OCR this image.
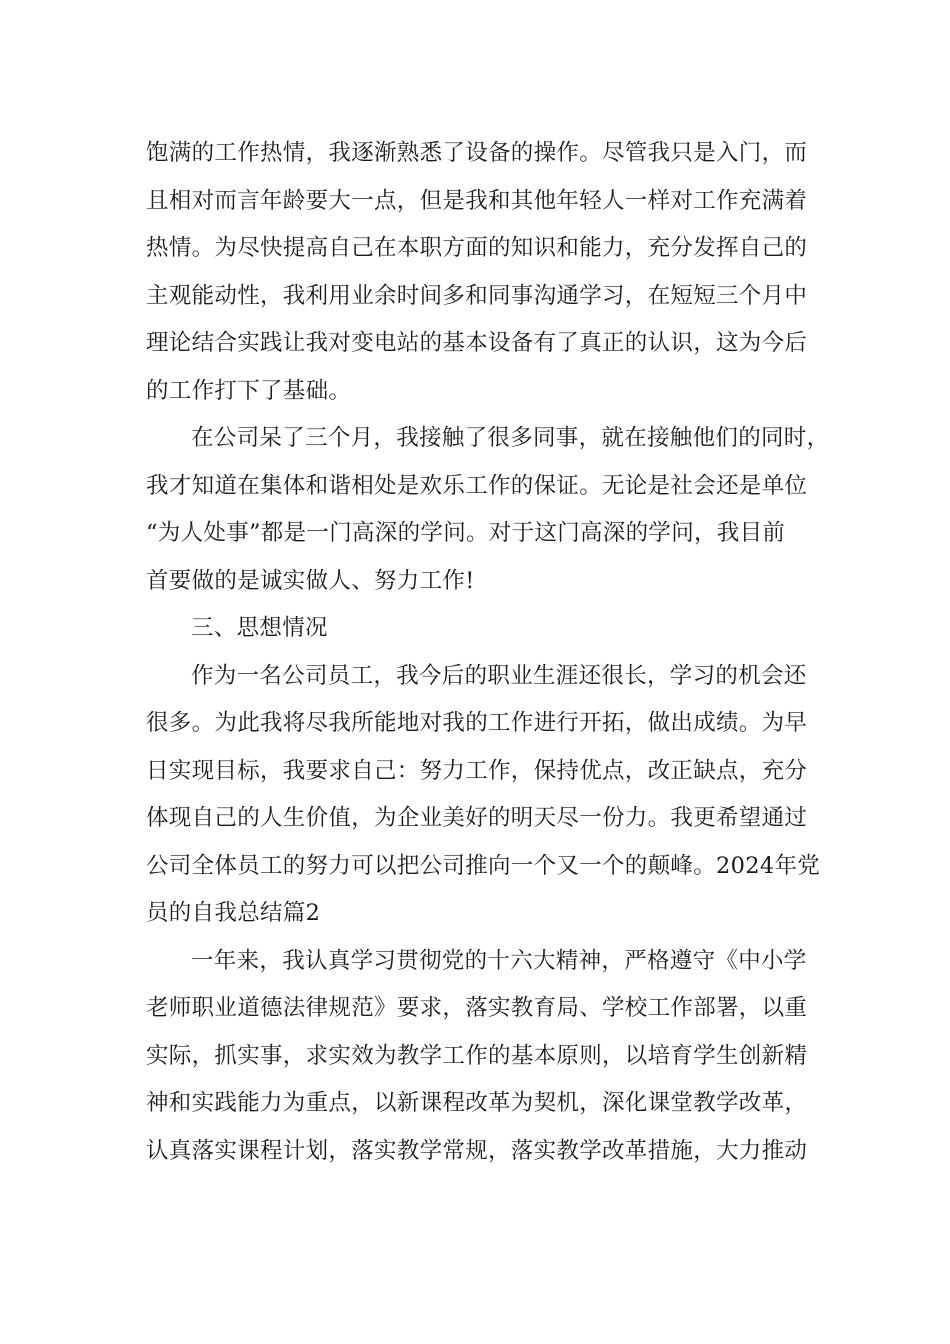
饱满的工作热情，我逐渐熟悉了设备的操作。尽管我只是入门，而
且相对而言年龄要大一点，但是我和其他年轻人一样对工作充满着
热情。为尽快提高自己在本职方面的知识和能力，充分发挥自己的
主观能动性，我利用业余时间多和同事沟通学习，在短短三个月中
理论结合实践让我对变电站的基本设备有了真正的认识，这为今后
的工作打下了基础。
在公司呆了三个月，我接触了很多同事，就在接触他们的同时，
我才知道在集体和谐相处是欢乐工作的保证。无论是社会还是单位
“为人处事”都是一门高深的学问。对于这门高深的学问，我目前
首要做的是诚实做人、努力工作!
三、思想情况
作为一名公司员工，我今后的职业生涯还很长，学习的机会还
很多。为此我将尽我所能地对我的工作进行开拓，做出成绩。为早
日实现目标，我要求自己：努力工作，保持优点，改正缺点，充分
体现自己的人生价值，为企业美好的明天尽一份力。我更希望通过
公司全体员工的努力可以把公司推向一个又一个的颠峰。2024年党
员的自我总结篇2
一年来，我认真学习贯彻党的十六大精神，严格遵守《中小学
老师职业道德法律规范》要求，落实教育局、学校工作部署，以重
实际，抓实事，求实效为教学工作的基本原则，以培育学生创新精
神和实践能力为重点，以新课程改革为契机，深化课堂教学改革，
认真落实课程计划，落实教学常规，落实教学改革措施，大力推动
